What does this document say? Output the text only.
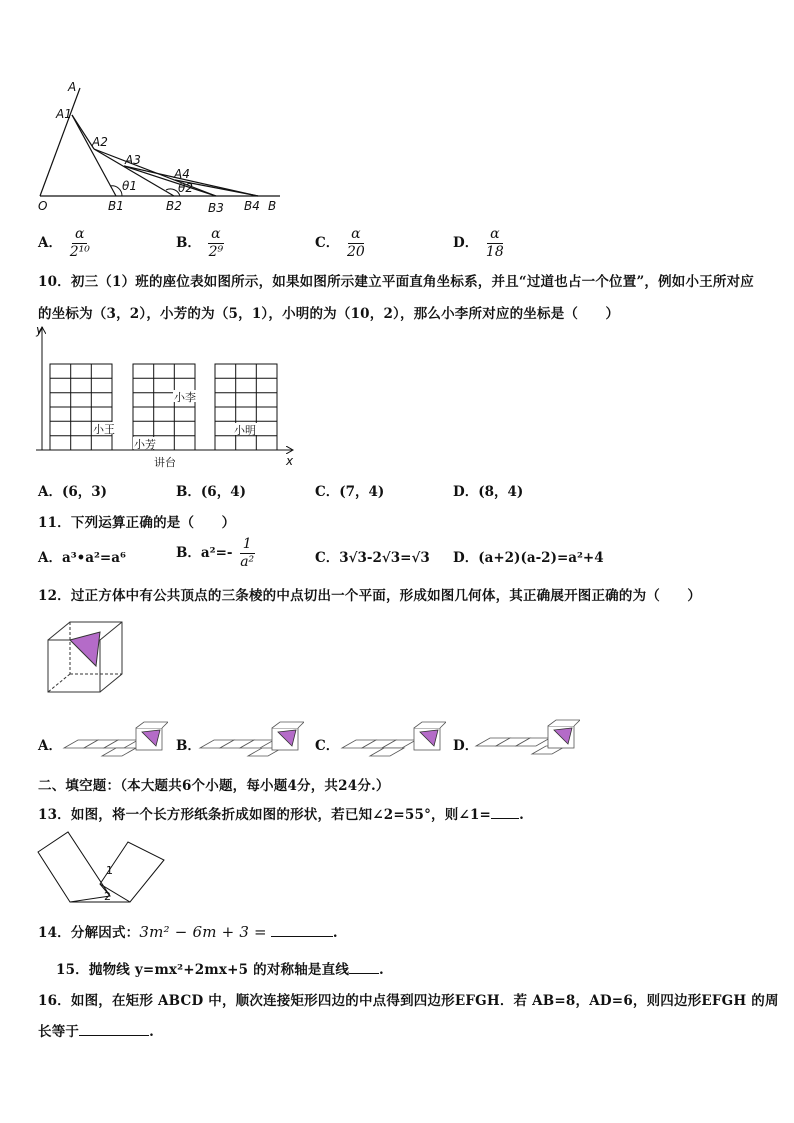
A
A1
A2
A3
A4
O	B1	B2 B3 B4 B
θ1	θ2
A． $\frac{\alpha}{\text{2¹⁰}}$	B． $\frac{\alpha}{\text{2⁹}}$	C． $\frac{\alpha}{20}$	D． $\frac{\alpha}{18}$
10．初三（1）班的座位表如图所示，如果如图所示建立平面直角坐标系，并且“过道也占一个位置”，例如小王所对应
的坐标为（3，2），小芳的为（5，1），小明的为（10，2），那么小李所对应的坐标是（　　）
y
x
小王
小芳
小李
小明
讲台
A．(6，3)	B．(6，4)	C．(7，4)	D．(8，4)
11．下列运算正确的是（　　）
A．a³•a²=a⁶	B．$a^2=- \frac{1}{\text{a²}}$	C．3√3-2√3=√3 D．(a+2)(a-2)=a²+4
12．过正方体中有公共顶点的三条棱的中点切出一个平面，形成如图几何体，其正确展开图正确的为（　　）
A．	B．	C．	D．
二、填空题：（本大题共6个小题，每小题4分，共24分.）
13．如图，将一个长方形纸条折成如图的形状，若已知∠2=55°，则∠1= .
1
2
14．分解因式：3m² − 6m + 3 =	.
15．抛物线 y=mx²+2mx+5 的对称轴是直线 .
16．如图，在矩形 ABCD 中，顺次连接矩形四边的中点得到四边形EFGH．若 AB=8，AD=6，则四边形EFGH 的周
长等于	.
